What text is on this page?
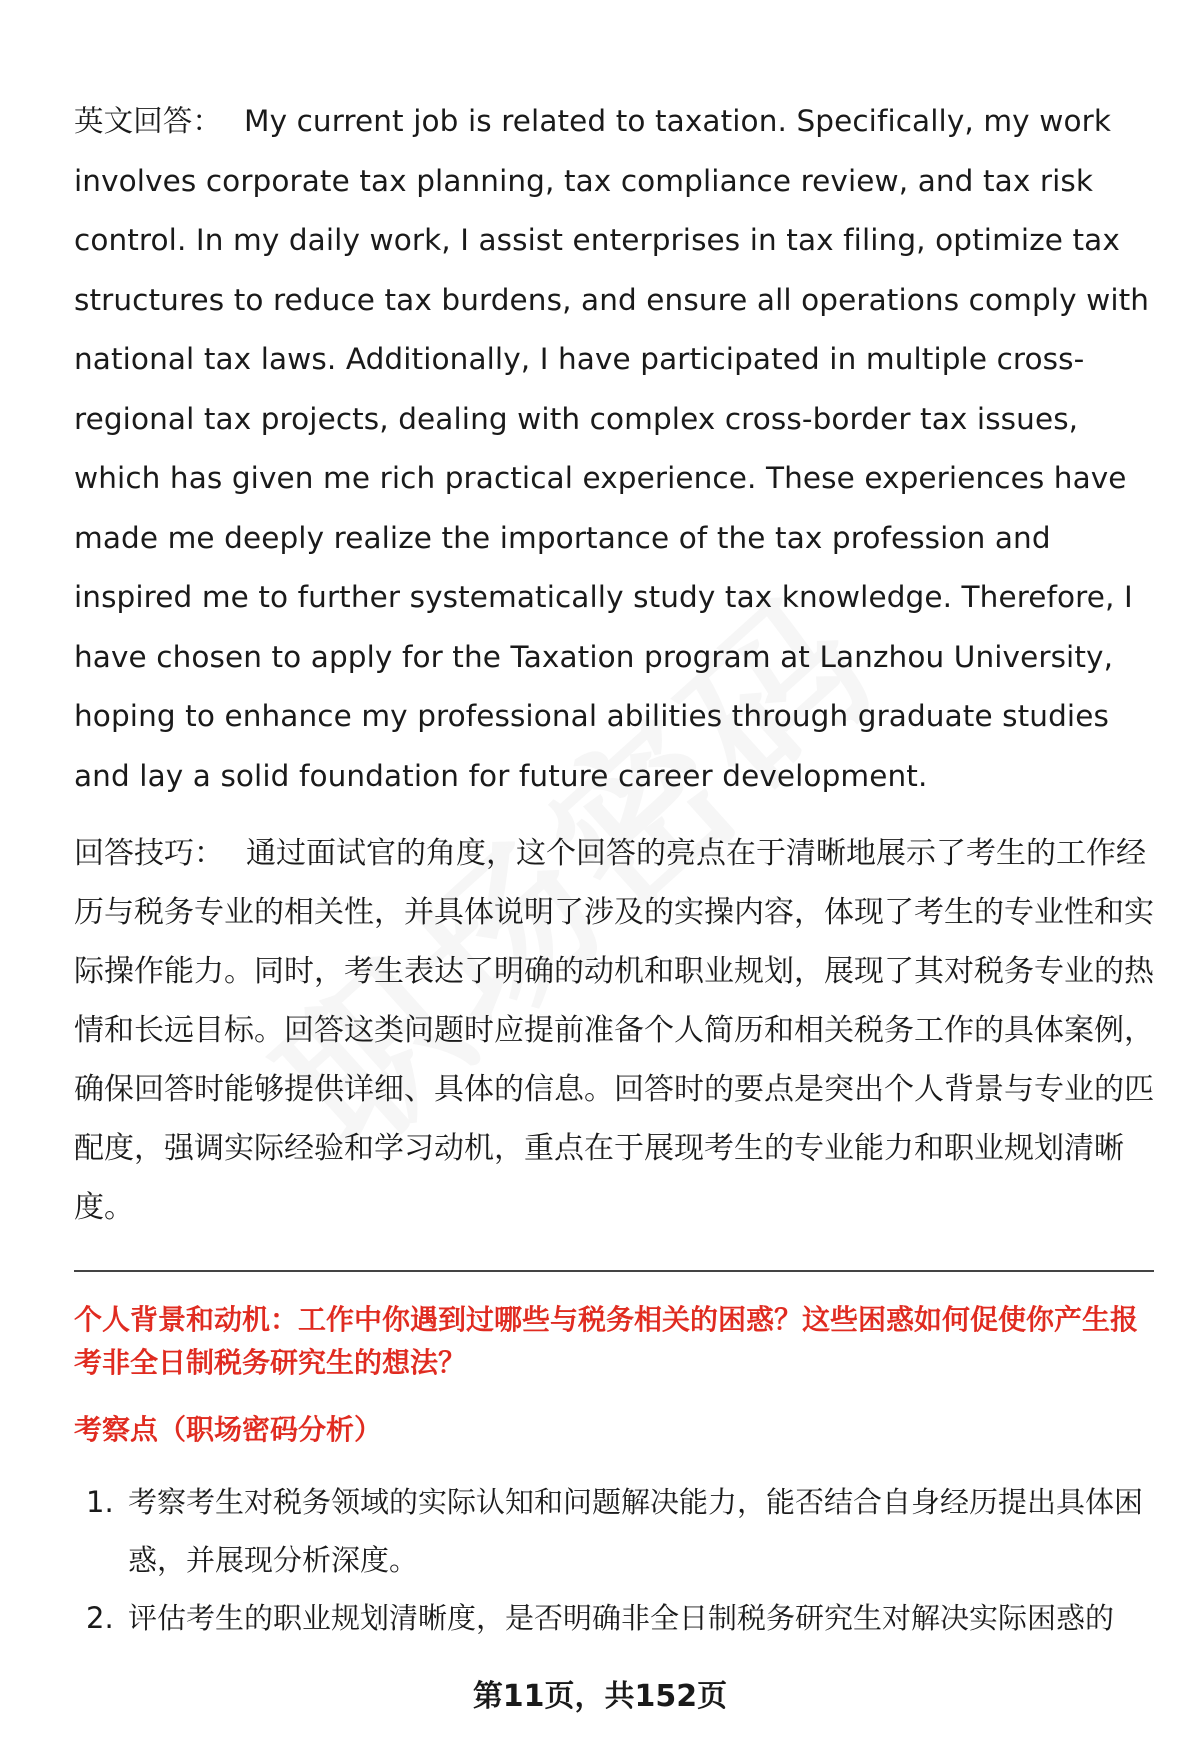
英文回答： My current job is related to taxation. Specifically, my work involves corporate tax planning, tax compliance review, and tax risk control. In my daily work, I assist enterprises in tax filing, optimize tax structures to reduce tax burdens, and ensure all operations comply with national tax laws. Additionally, I have participated in multiple cross-regional tax projects, dealing with complex cross-border tax issues, which has given me rich practical experience. These experiences have made me deeply realize the importance of the tax profession and inspired me to further systematically study tax knowledge. Therefore, I have chosen to apply for the Taxation program at Lanzhou University, hoping to enhance my professional abilities through graduate studies and lay a solid foundation for future career development.

回答技巧： 通过面试官的角度，这个回答的亮点在于清晰地展示了考生的工作经历与税务专业的相关性，并具体说明了涉及的实操内容，体现了考生的专业性和实际操作能力。同时，考生表达了明确的动机和职业规划，展现了其对税务专业的热情和长远目标。回答这类问题时应提前准备个人简历和相关税务工作的具体案例，确保回答时能够提供详细、具体的信息。回答时的要点是突出个人背景与专业的匹配度，强调实际经验和学习动机，重点在于展现考生的专业能力和职业规划清晰度。

个人背景和动机：工作中你遇到过哪些与税务相关的困惑？这些困惑如何促使你产生报考非全日制税务研究生的想法？

考察点（职场密码分析）

1. 考察考生对税务领域的实际认知和问题解决能力，能否结合自身经历提出具体困惑，并展现分析深度。
2. 评估考生的职业规划清晰度，是否明确非全日制税务研究生对解决实际困惑的
第11页，共152页
